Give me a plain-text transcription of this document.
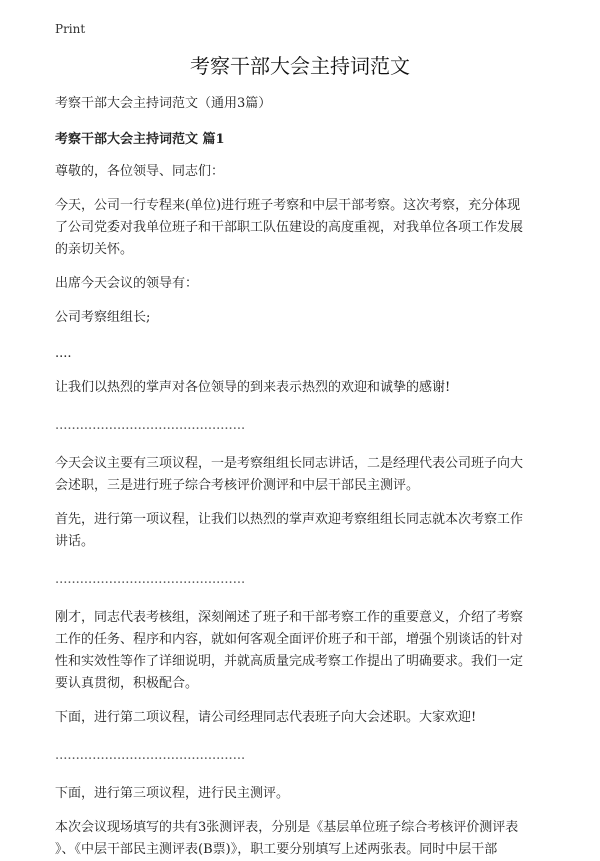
Print
考察干部大会主持词范文

考察干部大会主持词范文（通用3篇）

考察干部大会主持词范文 篇1

尊敬的，各位领导、同志们：

今天，公司一行专程来(单位)进行班子考察和中层干部考察。这次考察，充分体现
了公司党委对我单位班子和干部职工队伍建设的高度重视，对我单位各项工作发展
的亲切关怀。

出席今天会议的领导有：

公司考察组组长;

....

让我们以热烈的掌声对各位领导的到来表示热烈的欢迎和诚挚的感谢!

..............................................

今天会议主要有三项议程，一是考察组组长同志讲话，二是经理代表公司班子向大
会述职，三是进行班子综合考核评价测评和中层干部民主测评。
首先，进行第一项议程，让我们以热烈的掌声欢迎考察组组长同志就本次考察工作
讲话。

..............................................

刚才，同志代表考核组，深刻阐述了班子和干部考察工作的重要意义，介绍了考察
工作的任务、程序和内容，就如何客观全面评价班子和干部，增强个别谈话的针对
性和实效性等作了详细说明，并就高质量完成考察工作提出了明确要求。我们一定
要认真贯彻，积极配合。

下面，进行第二项议程，请公司经理同志代表班子向大会述职。大家欢迎!

..............................................

下面，进行第三项议程，进行民主测评。

本次会议现场填写的共有3张测评表，分别是《基层单位班子综合考核评价测评表
》、《中层干部民主测评表(B票)》，职工要分别填写上述两张表。同时中层干部
